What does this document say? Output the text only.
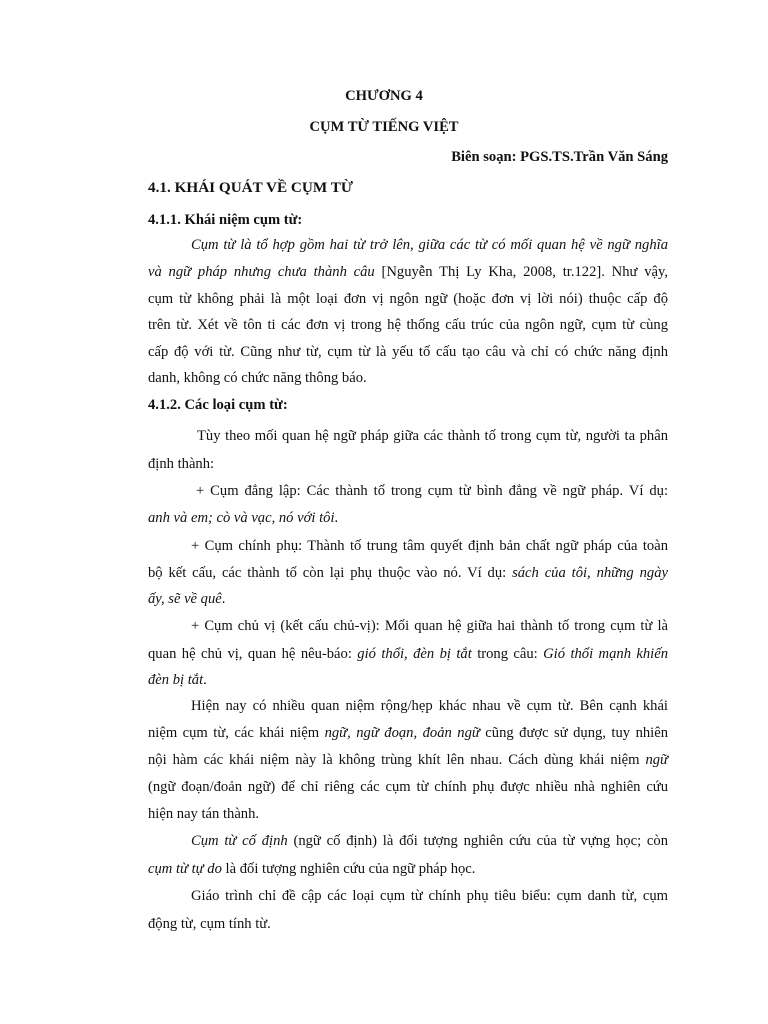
CHƯƠNG 4
CỤM TỪ TIẾNG VIỆT
Biên soạn: PGS.TS.Trần Văn Sáng
4.1. KHÁI QUÁT VỀ CỤM TỪ
4.1.1. Khái niệm cụm từ:
Cụm từ là tổ hợp gồm hai từ trở lên, giữa các từ có mối quan hệ về ngữ nghĩa
và ngữ pháp nhưng chưa thành câu [Nguyễn Thị Ly Kha, 2008, tr.122]. Như vậy,
cụm từ không phải là một loại đơn vị ngôn ngữ (hoặc đơn vị lời nói) thuộc cấp độ
trên từ. Xét về tôn ti các đơn vị trong hệ thống cấu trúc của ngôn ngữ, cụm từ cùng
cấp độ với từ. Cũng như từ, cụm từ là yếu tố cấu tạo câu và chỉ có chức năng định
danh, không có chức năng thông báo.
4.1.2. Các loại cụm từ:
Tùy theo mối quan hệ ngữ pháp giữa các thành tố trong cụm từ, người ta phân
định thành:
+ Cụm đẳng lập: Các thành tố trong cụm từ bình đẳng về ngữ pháp. Ví dụ:
anh và em; cò và vạc, nó với tôi.
+ Cụm chính phụ: Thành tố trung tâm quyết định bản chất ngữ pháp của toàn
bộ kết cấu, các thành tố còn lại phụ thuộc vào nó. Ví dụ: sách của tôi, những ngày
ấy, sẽ về quê.
+ Cụm chủ vị (kết cấu chủ-vị): Mối quan hệ giữa hai thành tố trong cụm từ là
quan hệ chủ vị, quan hệ nêu-báo: gió thổi, đèn bị tắt trong câu: Gió thổi mạnh khiến
đèn bị tắt.
Hiện nay có nhiều quan niệm rộng/hẹp khác nhau về cụm từ. Bên cạnh khái
niệm cụm từ, các khái niệm ngữ, ngữ đoạn, đoản ngữ cũng được sử dụng, tuy nhiên
nội hàm các khái niệm này là không trùng khít lên nhau. Cách dùng khái niệm ngữ
(ngữ đoạn/đoản ngữ) để chỉ riêng các cụm từ chính phụ được nhiều nhà nghiên cứu
hiện nay tán thành.
Cụm từ cố định (ngữ cố định) là đối tượng nghiên cứu của từ vựng học; còn
cụm từ tự do là đối tượng nghiên cứu của ngữ pháp học.
Giáo trình chỉ đề cập các loại cụm từ chính phụ tiêu biểu: cụm danh từ, cụm
động từ, cụm tính từ.
